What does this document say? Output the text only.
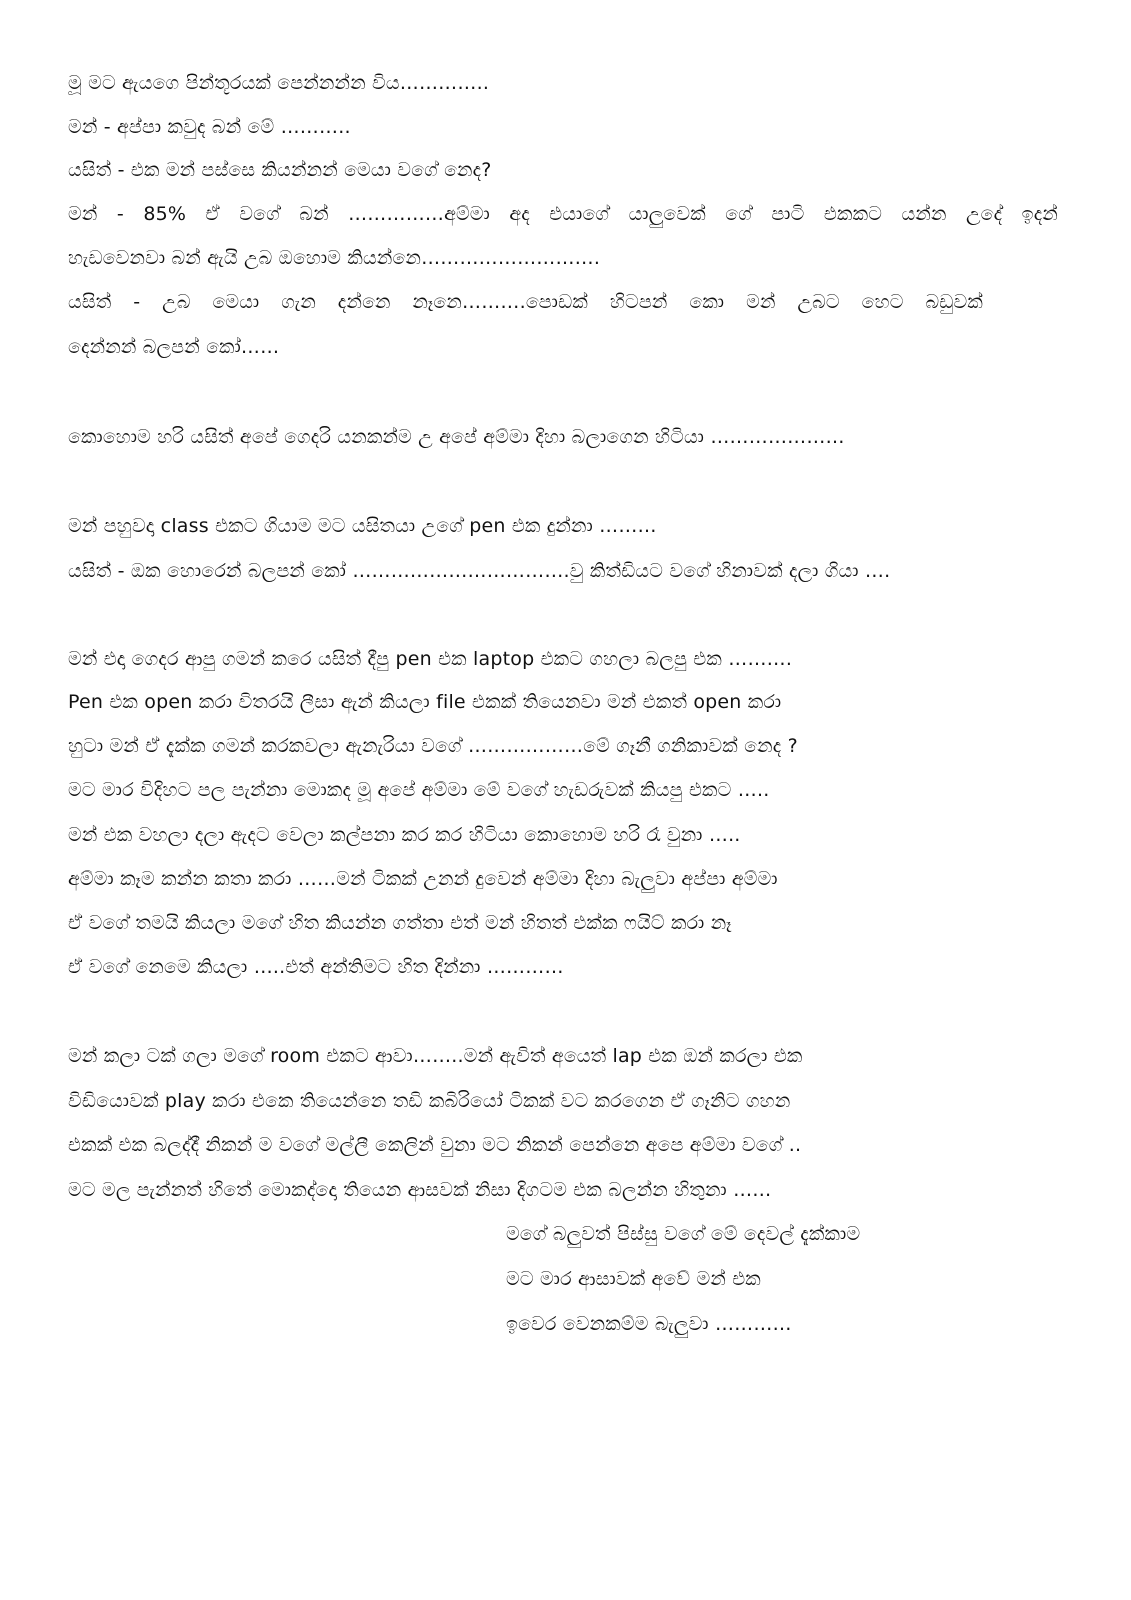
මූ මට ඇයගෙ පින්තූරයක් පෙන්නන්න විය…………..
මන් - අප්පා කවුද බන් මේ ………..
යසිත් - එක මන් පස්සෙ කියන්නන් මෙයා වගේ නෙද?
මන් - 85% ඒ වගේ බන් ……………අම්මා අද එයාගේ යාලුවෙක් ගේ පාටි එකකට යන්න උදේ ඉදන්
හැඩවෙනවා බන් ඇයි උබ ඔහොම කියන්නෙ……………………….
යසිත් - උබ මෙයා ගැන දන්නෙ නෑනෙ……….පොඩක් හිටපන් කො මන් උබට හෙට බඩුවක්
දෙන්නන් බලපන් කෝ……
කොහොම හරි යසිත් අපේ ගෙදරි යනකන්ම උ අපේ අම්මා දිහා බලාගෙන හිටියා …………………
මන් පහුවදා class එකට ගියාම මට යසිතයා උගේ pen එක දුන්නා ………
යසිත් - ඔක හොරෙන් බලපන් කෝ …………………………….වු කිත්ඩියට වගේ හිනාවක් දලා ගියා ….
මන් එදා ගෙදර ආපු ගමන් කරෙ යසිත් දීපු pen එක laptop එකට ගහලා බලපු එක ……….
Pen එක open කරා විතරයි ලීසා ඇන් කියලා file එකක් තියෙනවා මන් එකත් open කරා
හුටා මන් ඒ දැක්ක ගමන් කරකවලා ඇනැරියා වගේ ………………මේ ගෑනී ගනිකාවක් නෙද ?
මට මාර විදිහට පල පැන්නා මොකද මූ අපේ අම්මා මේ වගේ හැඩරුවක් කියපු එකට …..
මන් එක වහලා දලා ඇදට වෙලා කල්පනා කර කර හිටියා කොහොම හරි රෑ වුනා …..
අම්මා කෑම කන්න කතා කරා ……මන් ටිකක් උනන් දුවෙන් අම්මා දිහා බැලුවා අප්පා අම්මා
ඒ වගේ තමයි කියලා මගේ හිත කියන්න ගත්තා එත් මන් හිතත් එක්ක ෆයිට් කරා නෑ
ඒ වගේ නෙමෙ කියලා …..එත් අන්තිමට හිත දින්නා …………
මන් කලා ටක් ගලා මගේ room එකට ආවා……..මන් ඇවිත් අයෙත් lap එක ඔන් කරලා එක
විඩියොවක් play කරා එකෙ තියෙන්නෙ තඩි කබිරියෝ ටිකක් වට කරගෙන ඒ ගෑනිට ගහන
එකක් එක බලද්දී නිකන් ම වගේ මල්ලී කෙලින් වුනා මට නිකන් පෙන්නෙ අපෙ අම්මා වගේ ..
මට මල පැන්නත් හිතේ මොකද්දො තියෙන ආසවක් නිසා දිගටම එක බලන්න හිතුනා ……
මගේ බලුවත් පිස්සු වගේ මේ දෙවල් දැක්කාම
මට මාර ආසාවක් අවේ මන් එක
ඉවෙර වෙනකම්ම බැලුවා …………
